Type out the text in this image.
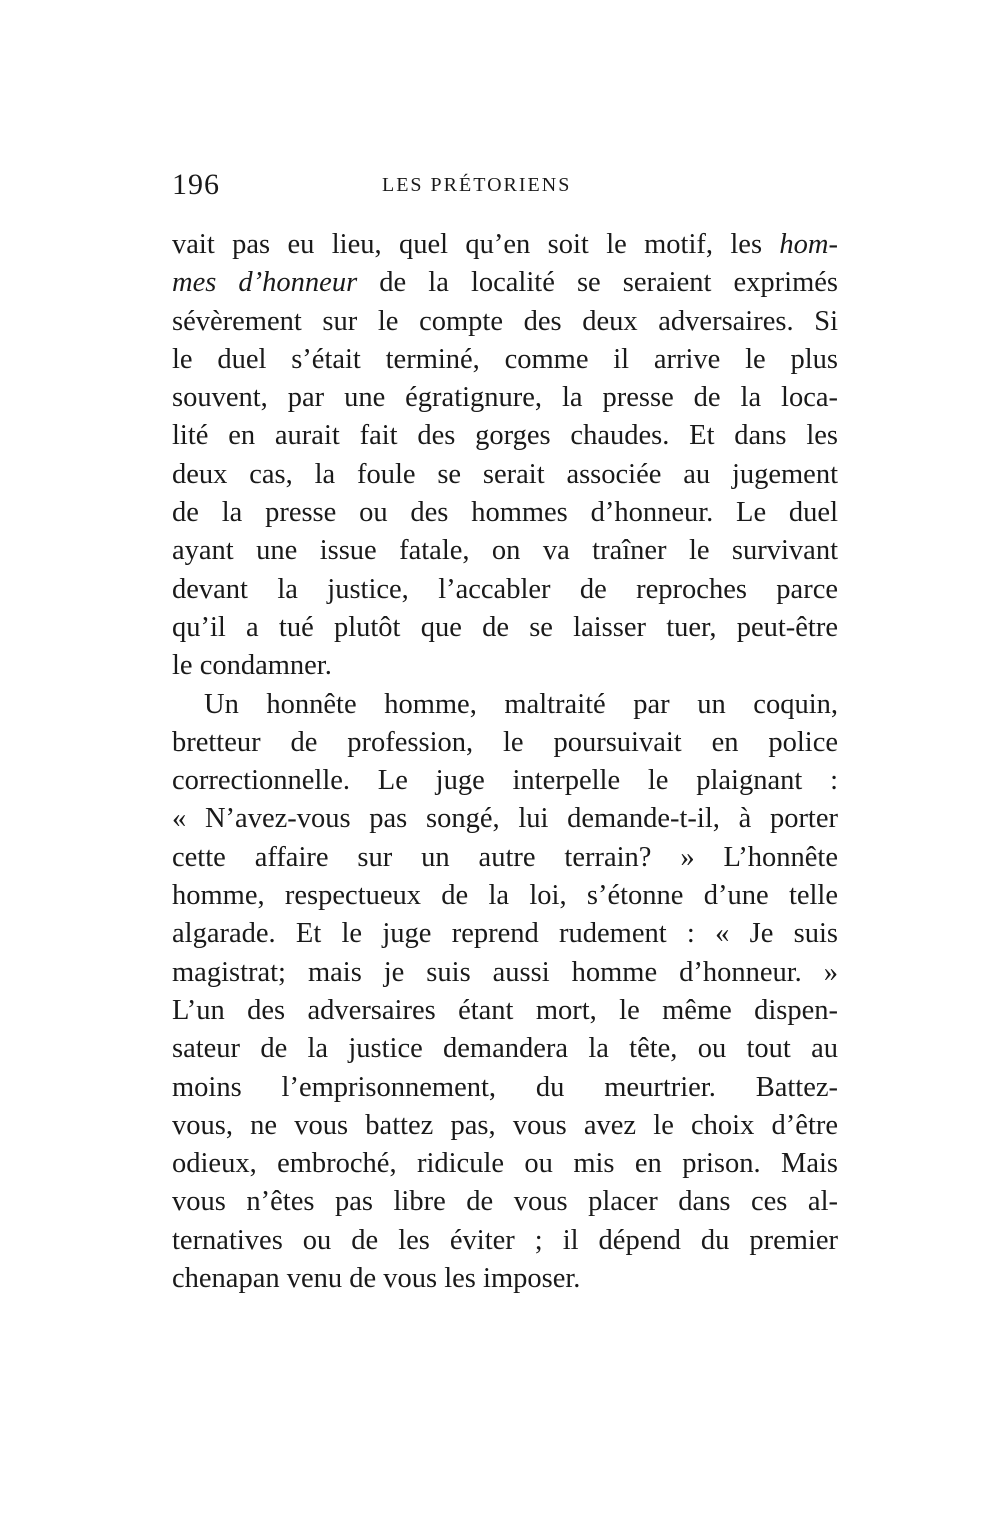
196	LES PRÉTORIENS
vait pas eu lieu, quel qu’en soit le motif, les hom-
mes d’honneur de la localité se seraient exprimés
sévèrement sur le compte des deux adversaires. Si
le duel s’était terminé, comme il arrive le plus
souvent, par une égratignure, la presse de la loca-
lité en aurait fait des gorges chaudes. Et dans les
deux cas, la foule se serait associée au jugement
de la presse ou des hommes d’honneur. Le duel
ayant une issue fatale, on va traîner le survivant
devant la justice, l’accabler de reproches parce
qu’il a tué plutôt que de se laisser tuer, peut-être
le condamner.
Un honnête homme, maltraité par un coquin,
bretteur de profession, le poursuivait en police
correctionnelle. Le juge interpelle le plaignant :
« N’avez-vous pas songé, lui demande-t-il, à porter
cette affaire sur un autre terrain? » L’honnête
homme, respectueux de la loi, s’étonne d’une telle
algarade. Et le juge reprend rudement : « Je suis
magistrat; mais je suis aussi homme d’honneur. »
L’un des adversaires étant mort, le même dispen-
sateur de la justice demandera la tête, ou tout au
moins l’emprisonnement, du meurtrier. Battez-
vous, ne vous battez pas, vous avez le choix d’être
odieux, embroché, ridicule ou mis en prison. Mais
vous n’êtes pas libre de vous placer dans ces al-
ternatives ou de les éviter ; il dépend du premier
chenapan venu de vous les imposer.
